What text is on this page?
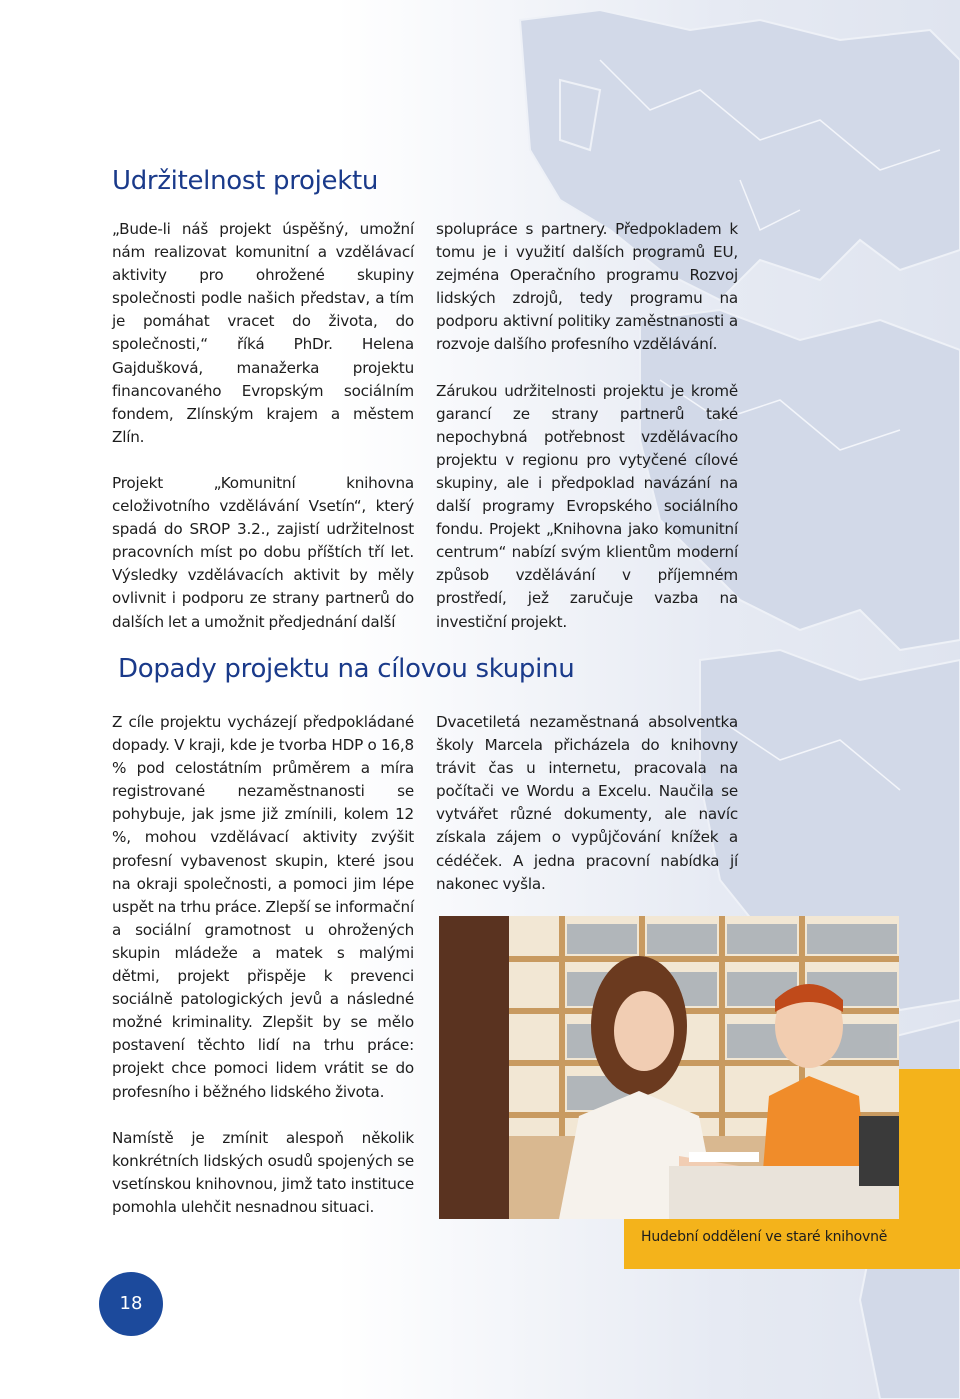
Udržitelnost projektu

„Bude-li náš projekt úspěšný, umožní nám realizovat komunitní a vzdělávací aktivity pro ohrožené skupiny společnosti podle našich představ, a tím je pomáhat vracet do života, do společnosti,“ říká PhDr. Helena Gajdušková, manažerka projektu financovaného Evropským sociálním fondem, Zlínským krajem a městem Zlín.

Projekt „Komunitní knihovna celoživotního vzdělávání Vsetín“, který spadá do SROP 3.2., zajistí udržitelnost pracovních míst po dobu příštích tří let. Výsledky vzdělávacích aktivit by měly ovlivnit i podporu ze strany partnerů do dalších let a umožnit předjednání další

spolupráce s partnery. Předpokladem k tomu je i využití dalších programů EU, zejména Operačního programu Rozvoj lidských zdrojů, tedy programu na podporu aktivní politiky zaměstnanosti a rozvoje dalšího profesního vzdělávání.

Zárukou udržitelnosti projektu je kromě garancí ze strany partnerů také nepochybná potřebnost vzdělávacího projektu v regionu pro vytyčené cílové skupiny, ale i předpoklad navázání na další programy Evropského sociálního fondu. Projekt „Knihovna jako komunitní centrum“ nabízí svým klientům moderní způsob vzdělávání v příjemném prostředí, jež zaručuje vazba na investiční projekt.

Dopady projektu na cílovou skupinu

Z cíle projektu vycházejí předpokládané dopady. V kraji, kde je tvorba HDP o 16,8 % pod celostátním průměrem a míra registrované nezaměstnanosti se pohybuje, jak jsme již zmínili, kolem 12 %, mohou vzdělávací aktivity zvýšit profesní vybavenost skupin, které jsou na okraji společnosti, a pomoci jim lépe uspět na trhu práce. Zlepší se informační a sociální gramotnost u ohrožených skupin mládeže a matek s malými dětmi, projekt přispěje k prevenci sociálně patologických jevů a následné možné kriminality. Zlepšit by se mělo postavení těchto lidí na trhu práce: projekt chce pomoci lidem vrátit se do profesního i běžného lidského života.

Namístě je zmínit alespoň několik konkrétních lidských osudů spojených se vsetínskou knihovnou, jimž tato instituce pomohla ulehčit nesnadnou situaci.

Dvacetiletá nezaměstnaná absolventka školy Marcela přicházela do knihovny trávit čas u internetu, pracovala na počítači ve Wordu a Excelu. Naučila se vytvářet různé dokumenty, ale navíc získala zájem o vypůjčování knížek a cédéček. A jedna pracovní nabídka jí nakonec vyšla.

Hudební oddělení ve staré knihovně
18
